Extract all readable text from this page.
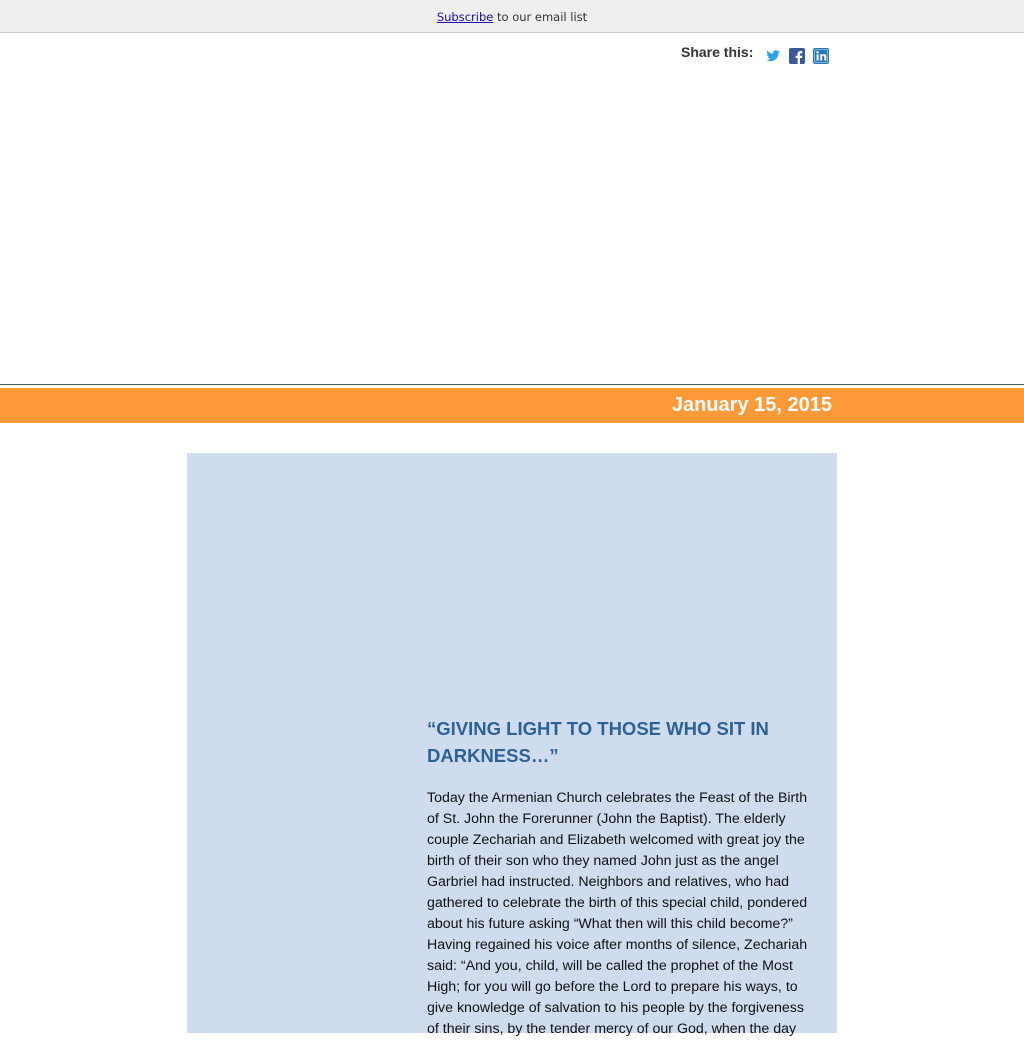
Subscribe to our email list
Share this:
January 15, 2015
“GIVING LIGHT TO THOSE WHO SIT IN DARKNESS…”

Today the Armenian Church celebrates the Feast of the Birth of St. John the Forerunner (John the Baptist). The elderly couple Zechariah and Elizabeth welcomed with great joy the birth of their son who they named John just as the angel Garbriel had instructed. Neighbors and relatives, who had gathered to celebrate the birth of this special child, pondered about his future asking “What then will this child become?” Having regained his voice after months of silence, Zechariah said: “And you, child, will be called the prophet of the Most High; for you will go before the Lord to prepare his ways, to give knowledge of salvation to his people by the forgiveness of their sins, by the tender mercy of our God, when the day
